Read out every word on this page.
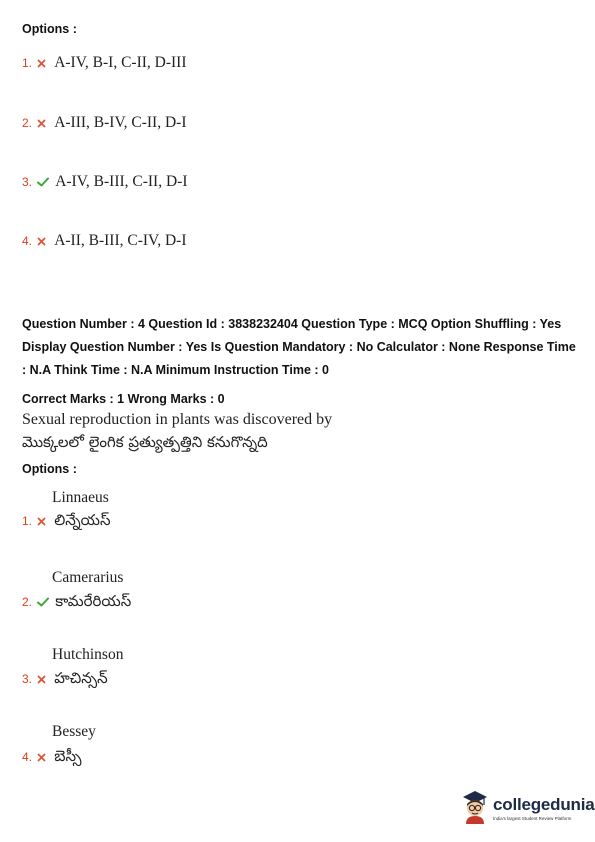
Options :
1. A-IV, B-I, C-II, D-III
2. A-III, B-IV, C-II, D-I
3. A-IV, B-III, C-II, D-I
4. A-II, B-III, C-IV, D-I
Question Number : 4 Question Id : 3838232404 Question Type : MCQ Option Shuffling : Yes
Display Question Number : Yes Is Question Mandatory : No Calculator : None Response Time
: N.A Think Time : N.A Minimum Instruction Time : 0
Correct Marks : 1 Wrong Marks : 0
Sexual reproduction in plants was discovered by
మొక్కలలో లైంగిక ప్రత్యుత్పత్తిని కనుగొన్నది
Options :
Linnaeus
1. లిన్నేయస్
Camerarius
2. కామరేరియస్
Hutchinson
3. హచిన్సన్
Bessey
4. బెస్సీ
collegedunia
India's largest Student Review Platform
